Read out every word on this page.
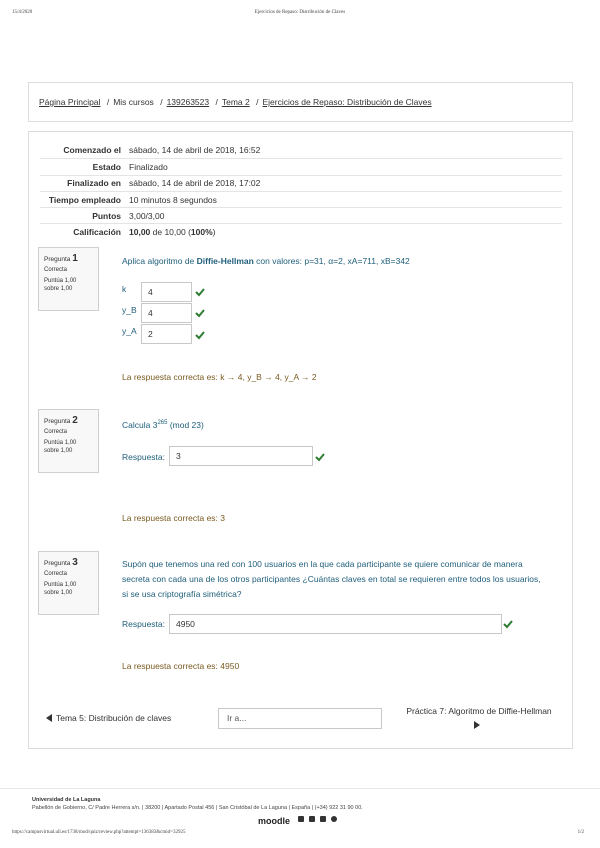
15/4/2020	Ejercicios de Repaso: Distribución de Claves
Página Principal / Mis cursos / 139263523 / Tema 2 / Ejercicios de Repaso: Distribución de Claves
Comenzado el sábado, 14 de abril de 2018, 16:52
Estado Finalizado
Finalizado en sábado, 14 de abril de 2018, 17:02
Tiempo empleado 10 minutos 8 segundos
Puntos 3,00/3,00
Calificación 10,00 de 10,00 (100%)
Pregunta 1
Correcta
Puntúa 1,00
sobre 1,00
Aplica algoritmo de Diffie-Hellman con valores: p=31, α=2, xA=711, xB=342
k	4
y_B	4
y_A	2
La respuesta correcta es: k → 4, y_B → 4, y_A → 2
Pregunta 2
Correcta
Puntúa 1,00
sobre 1,00
Calcula $3^{265}$ (mod 23)
Respuesta:	3
La respuesta correcta es: 3
Pregunta 3
Correcta
Puntúa 1,00
sobre 1,00
Supón que tenemos una red con 100 usuarios en la que cada participante se quiere comunicar de manera
secreta con cada una de los otros participantes ¿Cuántas claves en total se requieren entre todos los usuarios,
si se usa criptografía simétrica?
Respuesta:	4950
La respuesta correcta es: 4950
Tema 5: Distribución de claves	Ir a...
Práctica 7: Algoritmo de Diffie-Hellman
Universidad de La Laguna
Pabellón de Gobierno, C/ Padre Herrera s/n. | 38200 | Apartado Postal 456 | San Cristóbal de La Laguna | España | (+34) 922 31 90 00.
moodle
https://campusvirtual.ull.es/1738/mod/quiz/review.php?attempt=136383&cmid=32925	1/2
